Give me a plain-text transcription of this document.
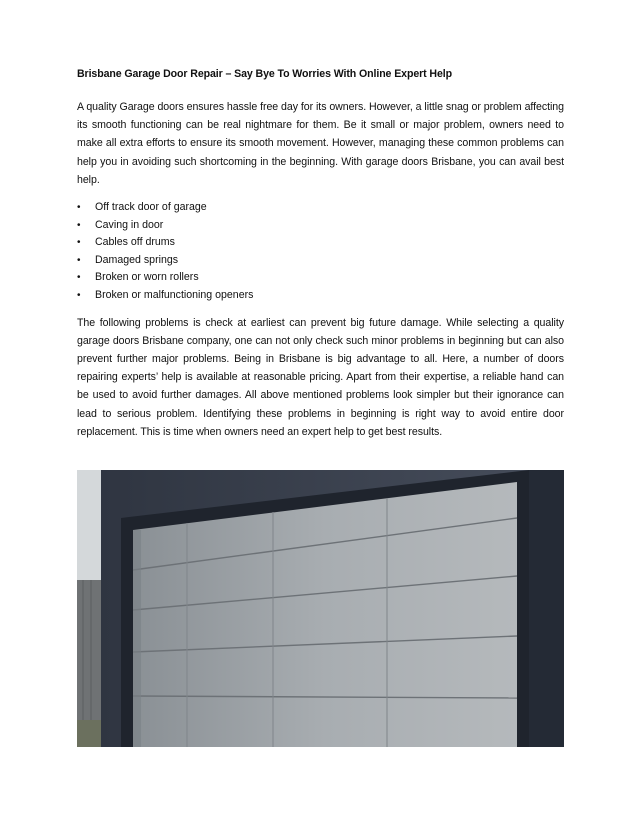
Brisbane Garage Door Repair – Say Bye To Worries With Online Expert Help

A quality Garage doors ensures hassle free day for its owners. However, a little snag or problem affecting its smooth functioning can be real nightmare for them. Be it small or major problem, owners need to make all extra efforts to ensure its smooth movement. However, managing these common problems can help you in avoiding such shortcoming in the beginning. With garage doors Brisbane, you can avail best help.

• Off track door of garage
• Caving in door
• Cables off drums
• Damaged springs
• Broken or worn rollers
• Broken or malfunctioning openers

The following problems is check at earliest can prevent big future damage. While selecting a quality garage doors Brisbane company, one can not only check such minor problems in beginning but can also prevent further major problems. Being in Brisbane is big advantage to all. Here, a number of doors repairing experts’ help is available at reasonable pricing. Apart from their expertise, a reliable hand can be used to avoid further damages. All above mentioned problems look simpler but their ignorance can lead to serious problem. Identifying these problems in beginning is right way to avoid entire door replacement. This is time when owners need an expert help to get best results.
